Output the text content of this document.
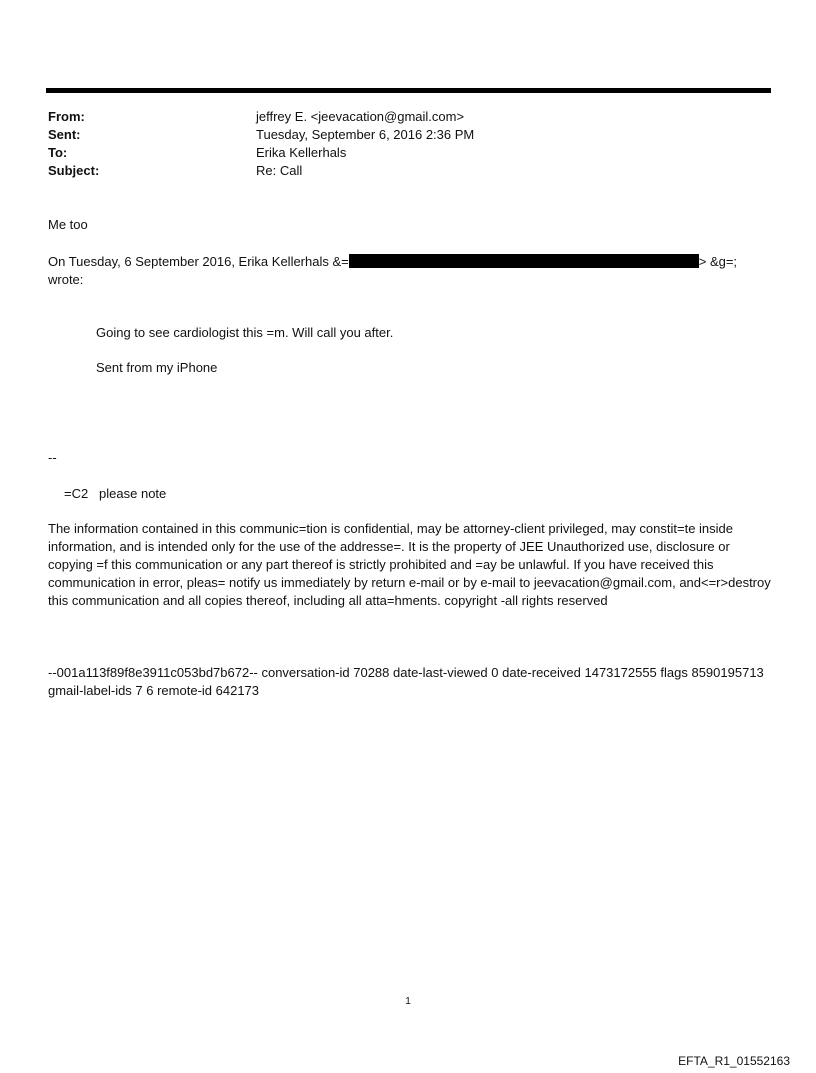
From:	jeffrey E. <jeevacation@gmail.com>
Sent:	Tuesday, September 6, 2016 2:36 PM
To:	Erika Kellerhals
Subject:	Re: Call
Me too
On Tuesday, 6 September 2016, Erika Kellerhals &=	> &g=;
wrote:
Going to see cardiologist this =m. Will call you after.
Sent from my iPhone
--
=C2   please note
The information contained in this communic=tion is confidential, may be attorney-client privileged, may constit=te inside information, and is intended only for the use of the addresse=. It is the property of JEE Unauthorized use, disclosure or copying =f this communication or any part thereof is strictly prohibited and =ay be unlawful. If you have received this communication in error, pleas= notify us immediately by return e-mail or by e-mail to jeevacation@gmail.com, and<=r>destroy this communication and all copies thereof, including all atta=hments. copyright -all rights reserved
--001a113f89f8e3911c053bd7b672-- conversation-id 70288 date-last-viewed 0 date-received 1473172555 flags 8590195713 gmail-label-ids 7 6 remote-id 642173
1
EFTA_R1_01552163
